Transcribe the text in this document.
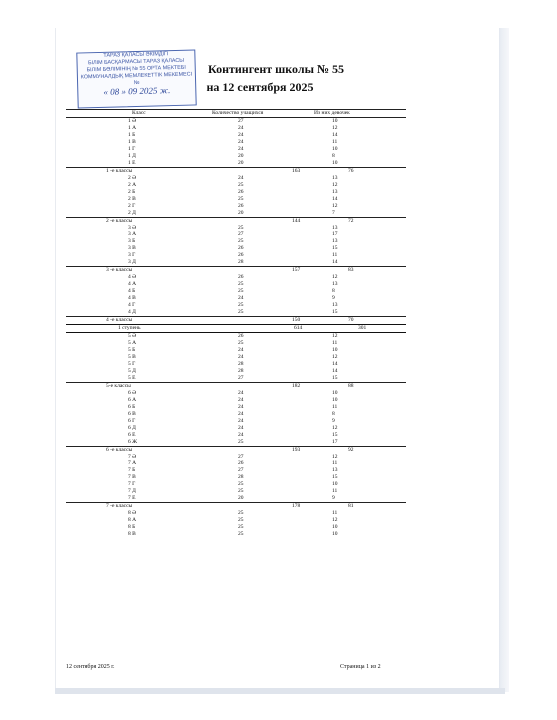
ТАРАЗ ҚАЛАСЫ ӘКІМДІГІ
БІЛІМ БАСҚАРМАСЫ ТАРАЗ ҚАЛАСЫ
БІЛІМ БӨЛІМІНІҢ № 55 ОРТА МЕКТЕБІ
КОММУНАЛДЫҚ МЕМЛЕКЕТТІК МЕКЕМЕСІ
№
« 08 » 09 2025 ж.
Контингент школы № 55
на 12 сентября 2025
Класс	Количество учащихся	Из них девочек
1 Ә	27	10
1 А	24	12
1 Б	24	14
1 В	24	11
1 Г	24	10
1 Д	20	8
1 Е	20	10
1 -е классы	163	76
2 Ә	24	13
2 А	25	12
2 Б	26	13
2 В	25	14
2 Г	26	12
2 Д	20	7
2 -е классы	144	72
3 Ә	25	13
3 А	27	17
3 Б	25	13
3 В	26	15
3 Г	26	11
3 Д	28	14
3 -е классы	157	83
4 Ә	26	12
4 А	25	13
4 Б	25	8
4 В	24	9
4 Г	25	13
4 Д	25	15
4 -е классы	150	70
1 ступень	614	301
5 Ә	26	12
5 А	25	11
5 Б	24	10
5 В	24	12
5 Г	28	14
5 Д	28	14
5 Е	27	15
5-е классы	182	88
6 Ә	24	10
6 А	24	10
6 Б	24	11
6 В	24	8
6 Г	24	9
6 Д	24	12
6 Е	24	15
6 Ж	25	17
6 -е классы	193	92
7 Ә	27	12
7 А	26	11
7 Б	27	13
7 В	28	15
7 Г	25	10
7 Д	25	11
7 Е	20	9
7 -е классы	178	81
8 Ә	25	11
8 А	25	12
8 Б	25	10
8 В	25	10
12 сентября 2025 г.	Страница 1 из 2
